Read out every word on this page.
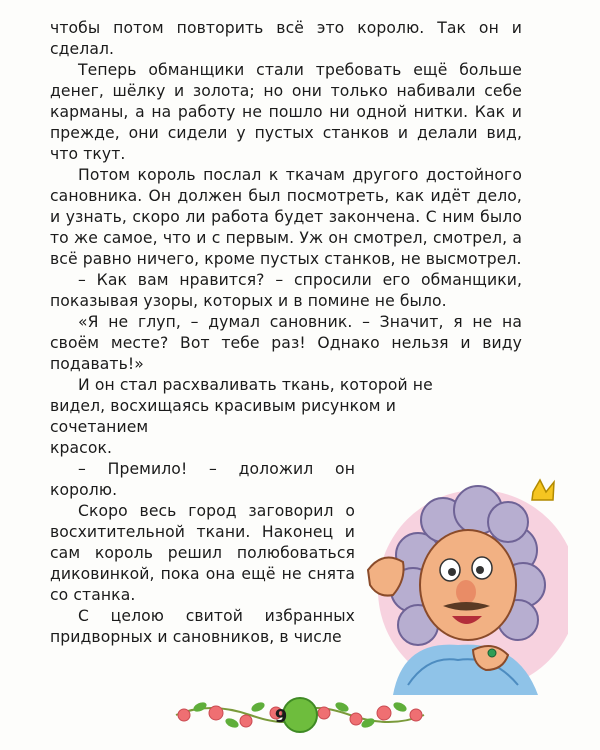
чтобы потом повторить всё это королю. Так он и сделал.

Теперь обманщики стали требовать ещё больше денег, шёлку и золота; но они только набивали себе карманы, а на работу не пошло ни одной нитки. Как и прежде, они сидели у пустых станков и делали вид, что ткут.

Потом король послал к ткачам другого достойного сановника. Он должен был посмотреть, как идёт дело, и узнать, скоро ли работа будет закончена. С ним было то же самое, что и с первым. Уж он смотрел, смотрел, а всё равно ничего, кроме пустых станков, не высмотрел.

– Как вам нравится? – спросили его обманщики, показывая узоры, которых и в помине не было.

«Я не глуп, – думал сановник. – Значит, я не на своём месте? Вот тебе раз! Однако нельзя и виду подавать!»

И он стал расхваливать ткань, которой не видел, восхищаясь красивым рисунком и сочетанием

красок.

– Премило! – доложил он королю.

Скоро весь город заговорил о восхитительной ткани. Наконец и сам король решил полюбоваться диковинкой, пока она ещё не снята со станка.

С целою свитой избранных придворных и сановников, в числе

9
